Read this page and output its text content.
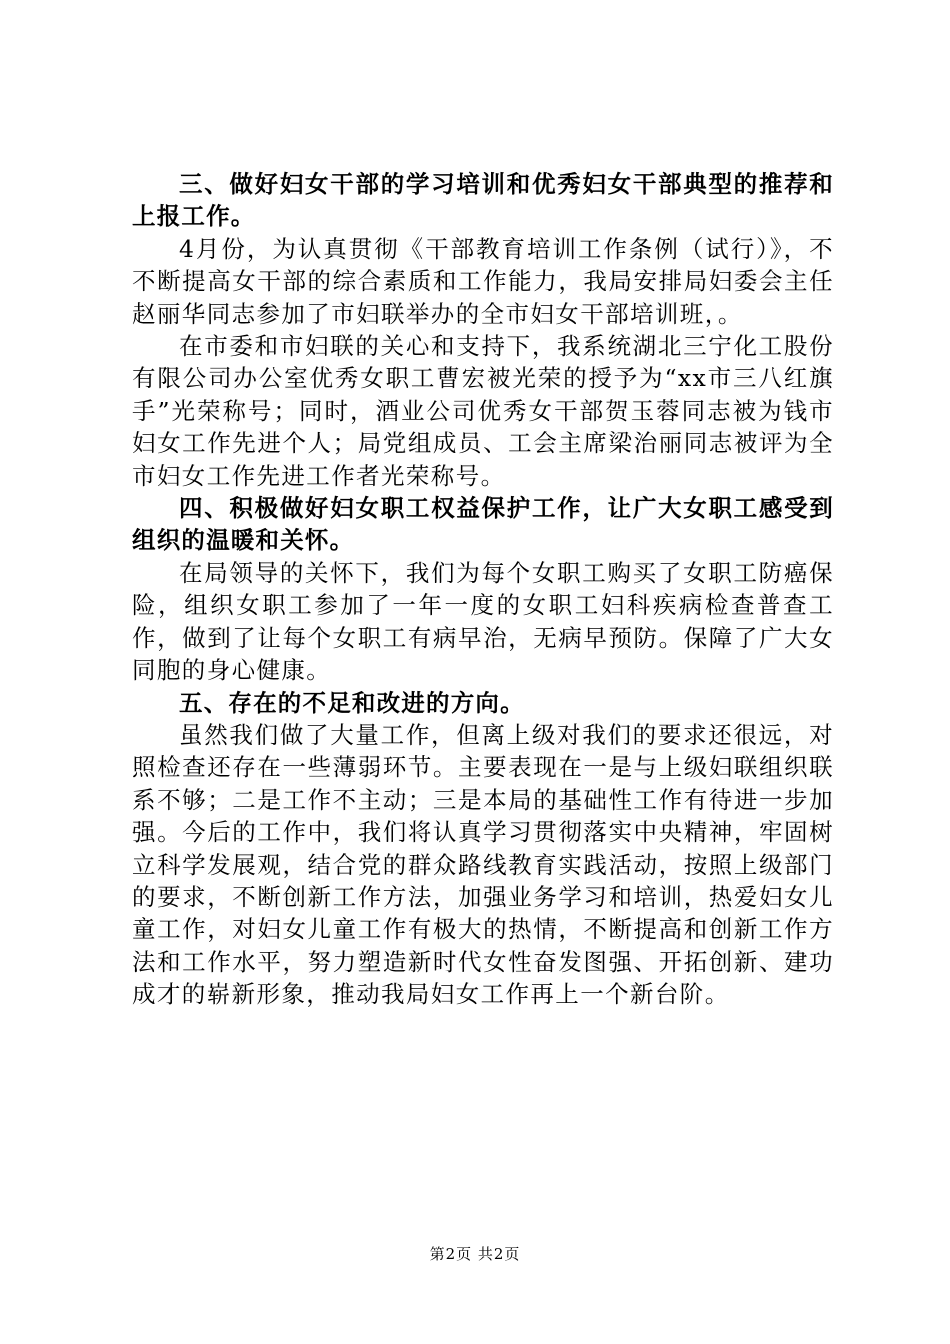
三、做好妇女干部的学习培训和优秀妇女干部典型的推荐和上报工作。

4月份，为认真贯彻《干部教育培训工作条例（试行）》，不不断提高女干部的综合素质和工作能力，我局安排局妇委会主任赵丽华同志参加了市妇联举办的全市妇女干部培训班，。

在市委和市妇联的关心和支持下，我系统湖北三宁化工股份有限公司办公室优秀女职工曹宏被光荣的授予为“xx市三八红旗手”光荣称号；同时，酒业公司优秀女干部贺玉蓉同志被为钱市妇女工作先进个人；局党组成员、工会主席梁治丽同志被评为全市妇女工作先进工作者光荣称号。

四、积极做好妇女职工权益保护工作，让广大女职工感受到组织的温暖和关怀。

在局领导的关怀下，我们为每个女职工购买了女职工防癌保险，组织女职工参加了一年一度的女职工妇科疾病检查普查工作，做到了让每个女职工有病早治，无病早预防。保障了广大女同胞的身心健康。

五、存在的不足和改进的方向。

虽然我们做了大量工作，但离上级对我们的要求还很远，对照检查还存在一些薄弱环节。主要表现在一是与上级妇联组织联系不够；二是工作不主动；三是本局的基础性工作有待进一步加强。今后的工作中，我们将认真学习贯彻落实中央精神，牢固树立科学发展观，结合党的群众路线教育实践活动，按照上级部门的要求，不断创新工作方法，加强业务学习和培训，热爱妇女儿童工作，对妇女儿童工作有极大的热情，不断提高和创新工作方法和工作水平，努力塑造新时代女性奋发图强、开拓创新、建功成才的崭新形象，推动我局妇女工作再上一个新台阶。

第2页 共2页
